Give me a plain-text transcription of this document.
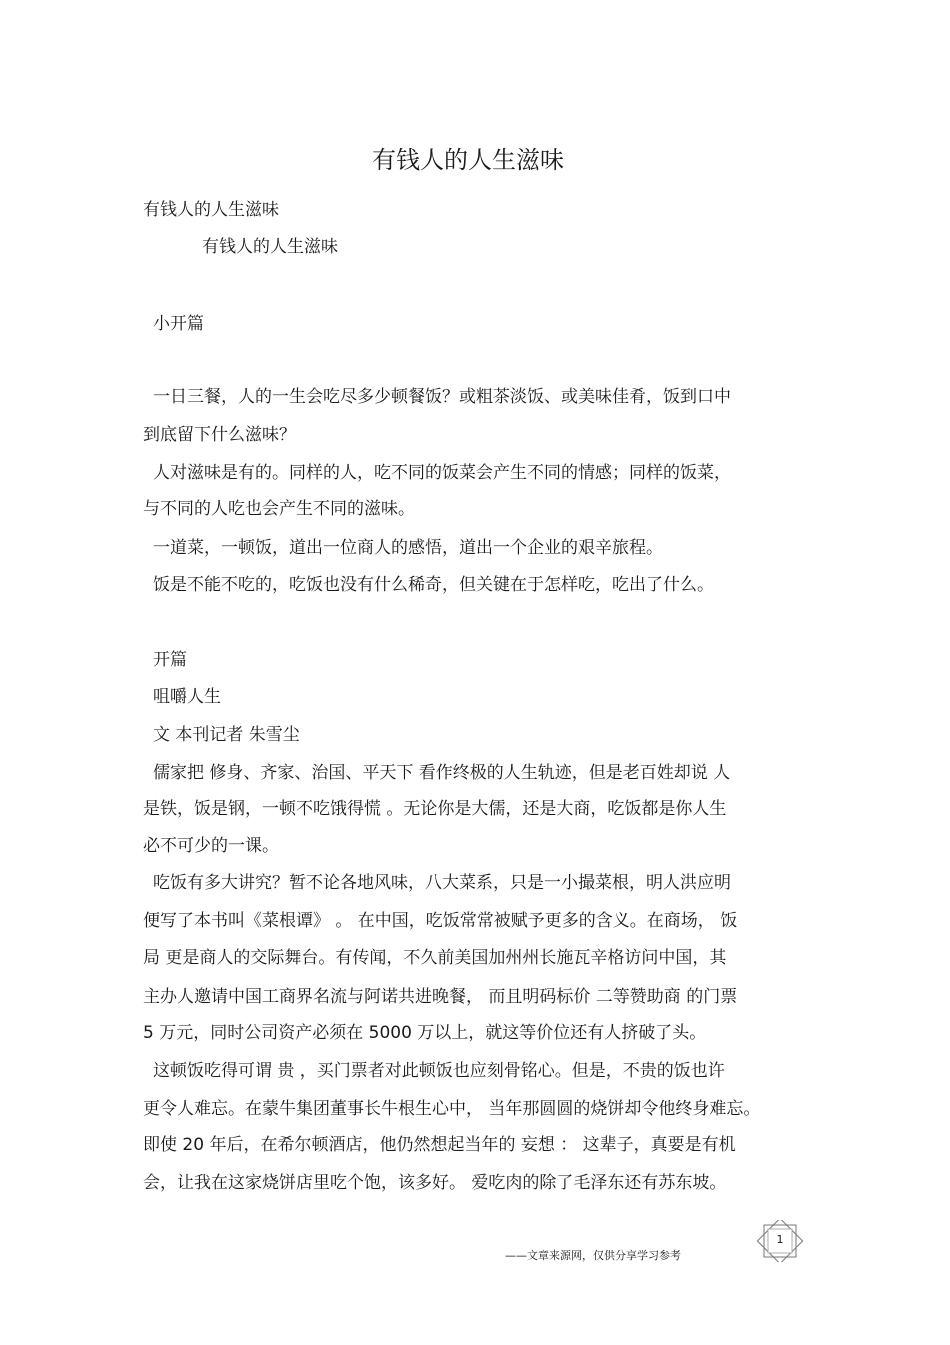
有钱人的人生滋味
有钱人的人生滋味
有钱人的人生滋味
小开篇
一日三餐，人的一生会吃尽多少顿餐饭？或粗茶淡饭、或美味佳肴，饭到口中
到底留下什么滋味？
人对滋味是有的。同样的人，吃不同的饭菜会产生不同的情感；同样的饭菜，
与不同的人吃也会产生不同的滋味。
一道菜，一顿饭，道出一位商人的感悟，道出一个企业的艰辛旅程。
饭是不能不吃的，吃饭也没有什么稀奇，但关键在于怎样吃，吃出了什么。
开篇
咀嚼人生
文 本刊记者 朱雪尘
儒家把 修身、齐家、治国、平天下 看作终极的人生轨迹，但是老百姓却说 人
是铁，饭是钢，一顿不吃饿得慌 。无论你是大儒，还是大商，吃饭都是你人生
必不可少的一课。
吃饭有多大讲究？暂不论各地风味，八大菜系，只是一小撮菜根，明人洪应明
便写了本书叫《菜根谭》 。 在中国，吃饭常常被赋予更多的含义。在商场， 饭
局 更是商人的交际舞台。有传闻，不久前美国加州州长施瓦辛格访问中国，其
主办人邀请中国工商界名流与阿诺共进晚餐， 而且明码标价 二等赞助商 的门票
5 万元，同时公司资产必须在 5000 万以上，就这等价位还有人挤破了头。
这顿饭吃得可谓 贵 ，买门票者对此顿饭也应刻骨铭心。但是，不贵的饭也许
更令人难忘。在蒙牛集团董事长牛根生心中， 当年那圆圆的烧饼却令他终身难忘。
即使 20 年后，在希尔顿酒店，他仍然想起当年的 妄想 ： 这辈子，真要是有机
会，让我在这家烧饼店里吃个饱，该多好。 爱吃肉的除了毛泽东还有苏东坡。
——文章来源网，仅供分享学习参考
1
